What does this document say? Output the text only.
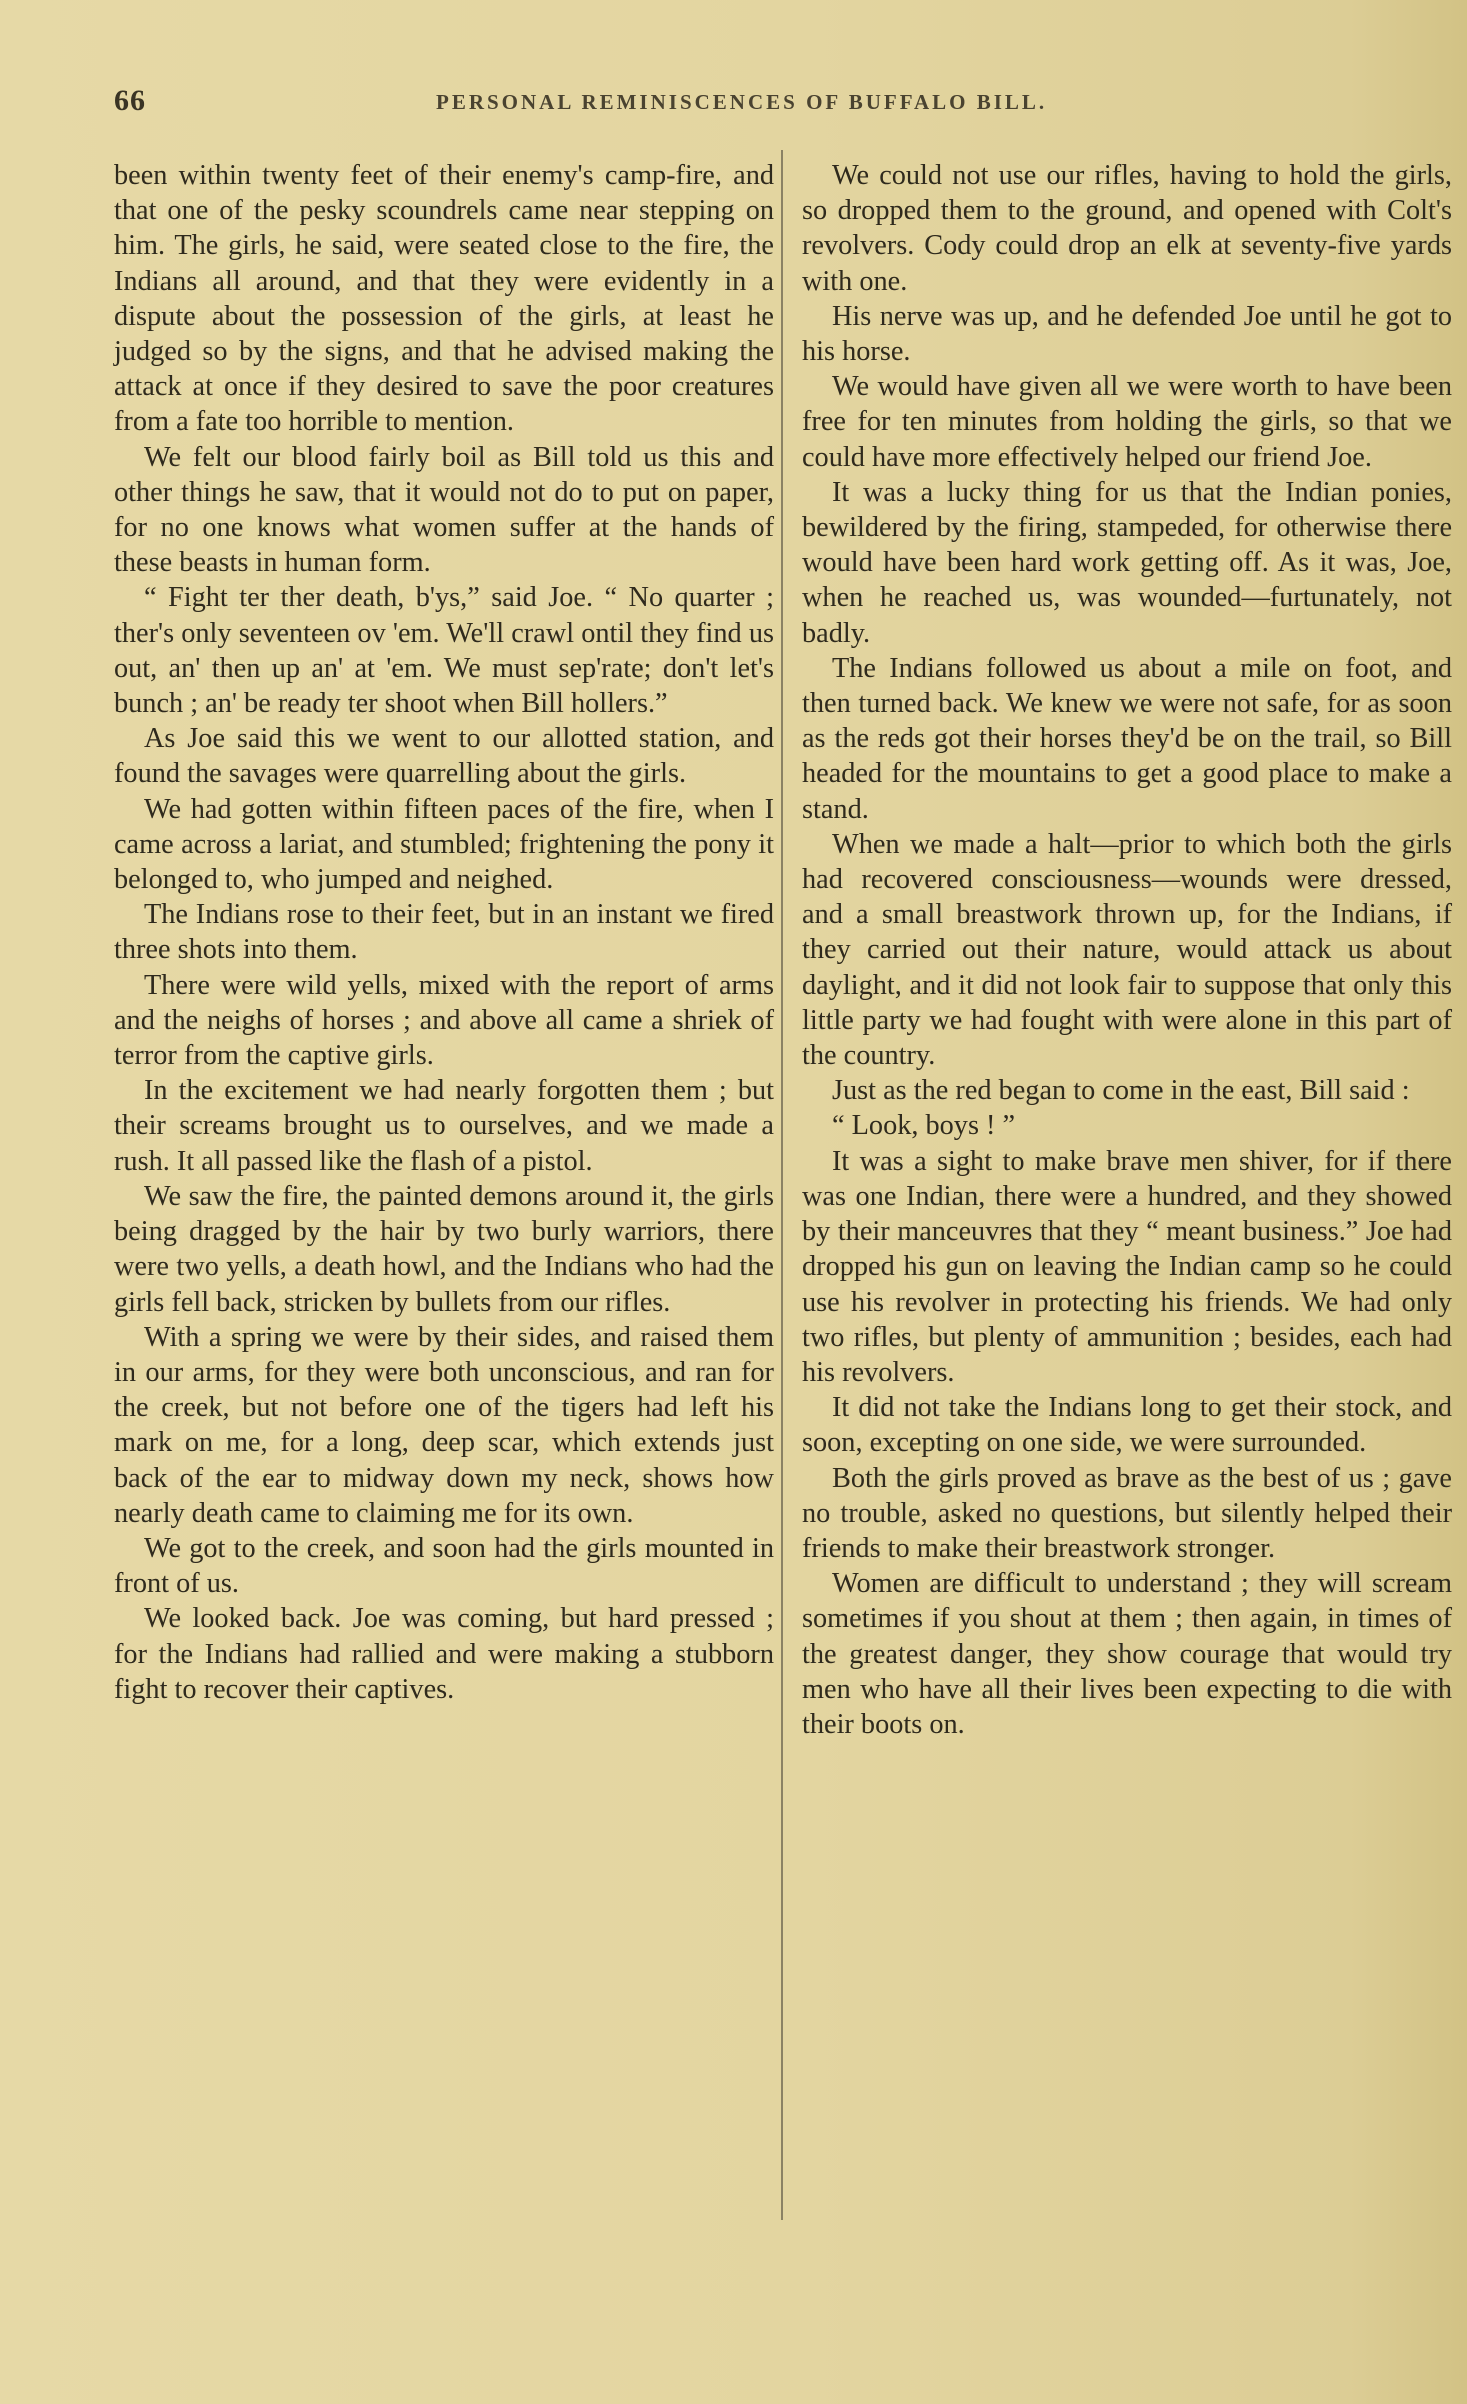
66	PERSONAL REMINISCENCES OF BUFFALO BILL.

been within twenty feet of their enemy's camp-fire, and that one of the pesky scoundrels came near stepping on him. The girls, he said, were seated close to the fire, the Indians all around, and that they were evidently in a dispute about the possession of the girls, at least he judged so by the signs, and that he advised making the attack at once if they desired to save the poor creatures from a fate too horrible to mention.

We felt our blood fairly boil as Bill told us this and other things he saw, that it would not do to put on paper, for no one knows what women suffer at the hands of these beasts in human form.

“ Fight ter ther death, b'ys,” said Joe. “ No quarter ; ther's only seventeen ov 'em. We'll crawl ontil they find us out, an' then up an' at 'em. We must sep'rate; don't let's bunch ; an' be ready ter shoot when Bill hollers.”

As Joe said this we went to our allotted station, and found the savages were quarrelling about the girls.

We had gotten within fifteen paces of the fire, when I came across a lariat, and stumbled; frightening the pony it belonged to, who jumped and neighed.

The Indians rose to their feet, but in an instant we fired three shots into them.

There were wild yells, mixed with the report of arms and the neighs of horses ; and above all came a shriek of terror from the captive girls.

In the excitement we had nearly forgotten them ; but their screams brought us to ourselves, and we made a rush. It all passed like the flash of a pistol.

We saw the fire, the painted demons around it, the girls being dragged by the hair by two burly warriors, there were two yells, a death howl, and the Indians who had the girls fell back, stricken by bullets from our rifles.

With a spring we were by their sides, and raised them in our arms, for they were both unconscious, and ran for the creek, but not before one of the tigers had left his mark on me, for a long, deep scar, which extends just back of the ear to midway down my neck, shows how nearly death came to claiming me for its own.

We got to the creek, and soon had the girls mounted in front of us.

We looked back. Joe was coming, but hard pressed ; for the Indians had rallied and were making a stubborn fight to recover their captives.

We could not use our rifles, having to hold the girls, so dropped them to the ground, and opened with Colt's revolvers. Cody could drop an elk at seventy-five yards with one.

His nerve was up, and he defended Joe until he got to his horse.

We would have given all we were worth to have been free for ten minutes from holding the girls, so that we could have more effectively helped our friend Joe.

It was a lucky thing for us that the Indian ponies, bewildered by the firing, stampeded, for otherwise there would have been hard work getting off. As it was, Joe, when he reached us, was wounded—furtunately, not badly.

The Indians followed us about a mile on foot, and then turned back. We knew we were not safe, for as soon as the reds got their horses they'd be on the trail, so Bill headed for the mountains to get a good place to make a stand.

When we made a halt—prior to which both the girls had recovered consciousness—wounds were dressed, and a small breastwork thrown up, for the Indians, if they carried out their nature, would attack us about daylight, and it did not look fair to suppose that only this little party we had fought with were alone in this part of the country.

Just as the red began to come in the east, Bill said :

“ Look, boys ! ”

It was a sight to make brave men shiver, for if there was one Indian, there were a hundred, and they showed by their manceuvres that they “ meant business.” Joe had dropped his gun on leaving the Indian camp so he could use his revolver in protecting his friends. We had only two rifles, but plenty of ammunition ; besides, each had his revolvers.

It did not take the Indians long to get their stock, and soon, excepting on one side, we were surrounded.

Both the girls proved as brave as the best of us ; gave no trouble, asked no questions, but silently helped their friends to make their breastwork stronger.

Women are difficult to understand ; they will scream sometimes if you shout at them ; then again, in times of the greatest danger, they show courage that would try men who have all their lives been expecting to die with their boots on.
